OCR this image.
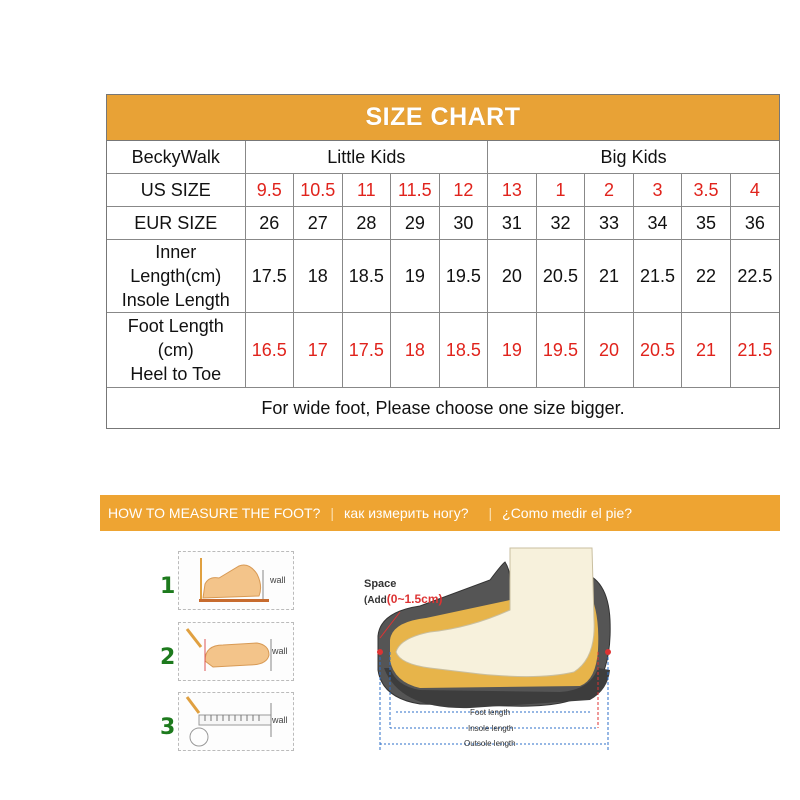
SIZE CHART
BeckyWalk	Little Kids					Big Kids					
US SIZE	9.5	10.5	11	11.5	12	13	1	2	3	3.5	4
EUR SIZE	26	27	28	29	30	31	32	33	34	35	36

Inner
Length(cm)
Insole Length	17.5	18	18.5	19	19.5	20	20.5	21	21.5	22	22.5

Foot Length
(cm)
Heel to Toe	16.5	17	17.5	18	18.5	19	19.5	20	20.5	21	21.5
For wide foot, Please choose one size bigger.											
HOW TO MEASURE THE FOOT? | как измерить ногу?	| ¿Como medir el pie?
1	wall
2	wall
3	wall
Space
(Add(0~1.5cm)
Foot length
Insole length
Outsole length
